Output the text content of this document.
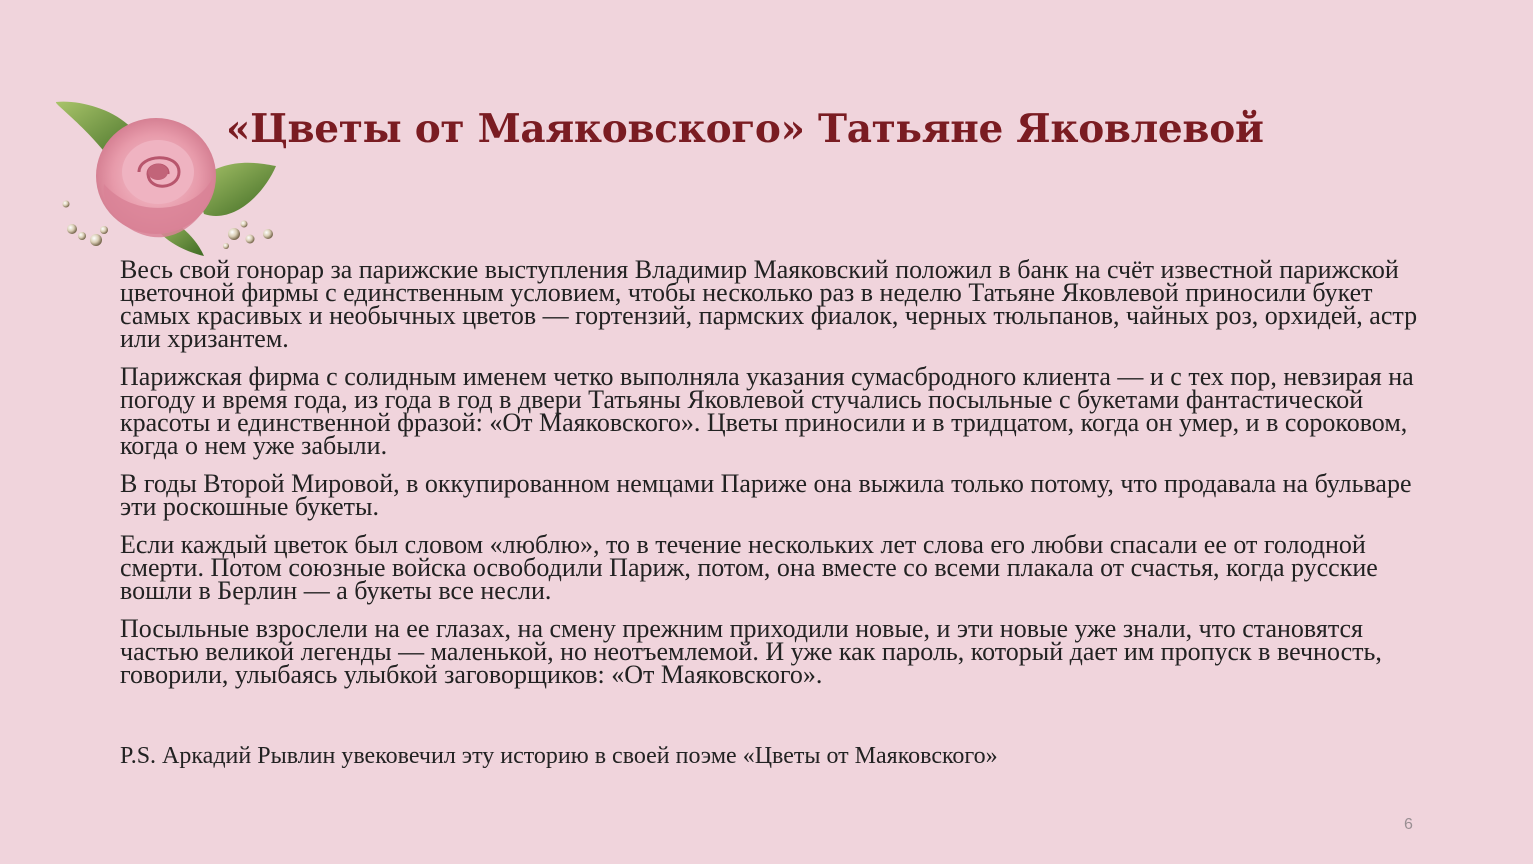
«Цветы от Маяковского» Татьяне Яковлевой

Весь свой гонорар за парижские выступления Владимир Маяковский положил в банк на счёт известной парижской цветочной фирмы с единственным условием, чтобы несколько раз в неделю Татьяне Яковлевой приносили букет самых красивых и необычных цветов — гортензий, пармских фиалок, черных тюльпанов, чайных роз, орхидей, астр или хризантем.

Парижская фирма с солидным именем четко выполняла указания сумасбродного клиента — и с тех пор, невзирая на погоду и время года, из года в год в двери Татьяны Яковлевой стучались посыльные с букетами фантастической красоты и единственной фразой: «От Маяковского». Цветы приносили и в тридцатом, когда он умер, и в сороковом, когда о нем уже забыли.

В годы Второй Мировой, в оккупированном немцами Париже она выжила только потому, что продавала на бульваре эти роскошные букеты.

Если каждый цветок был словом «люблю», то в течение нескольких лет слова его любви спасали ее от голодной смерти. Потом союзные войска освободили Париж, потом, она вместе со всеми плакала от счастья, когда русские вошли в Берлин — а букеты все несли.

Посыльные взрослели на ее глазах, на смену прежним приходили новые, и эти новые уже знали, что становятся частью великой легенды — маленькой, но неотъемлемой. И уже как пароль, который дает им пропуск в вечность, говорили, улыбаясь улыбкой заговорщиков: «От Маяковского».

P.S. Аркадий Рывлин увековечил эту историю в своей поэме «Цветы от Маяковского»
6
